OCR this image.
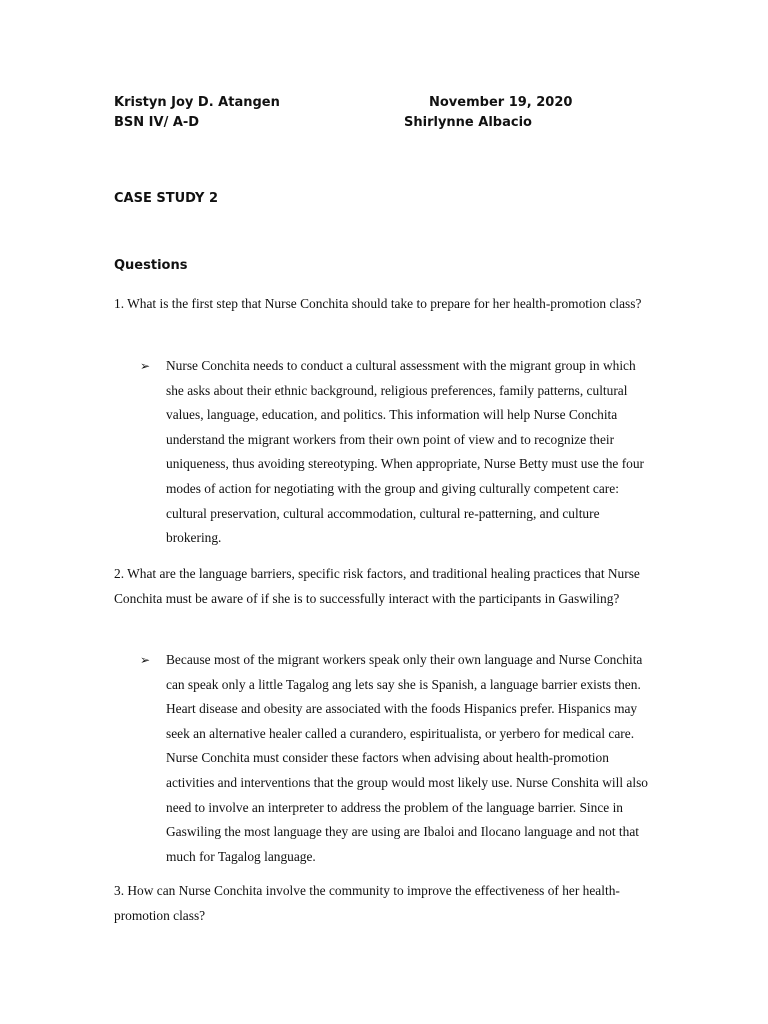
Kristyn Joy D. Atangen	November 19, 2020
BSN IV/ A-D	Shirlynne Albacio
CASE STUDY 2
Questions

1. What is the first step that Nurse Conchita should take to prepare for her health-promotion class?

➢ Nurse Conchita needs to conduct a cultural assessment with the migrant group in which she asks about their ethnic background, religious preferences, family patterns, cultural values, language, education, and politics. This information will help Nurse Conchita understand the migrant workers from their own point of view and to recognize their uniqueness, thus avoiding stereotyping. When appropriate, Nurse Betty must use the four modes of action for negotiating with the group and giving culturally competent care: cultural preservation, cultural accommodation, cultural re-patterning, and culture brokering.

2. What are the language barriers, specific risk factors, and traditional healing practices that Nurse Conchita must be aware of if she is to successfully interact with the participants in Gaswiling?

➢ Because most of the migrant workers speak only their own language and Nurse Conchita can speak only a little Tagalog ang lets say she is Spanish, a language barrier exists then. Heart disease and obesity are associated with the foods Hispanics prefer. Hispanics may seek an alternative healer called a curandero, espiritualista, or yerbero for medical care. Nurse Conchita must consider these factors when advising about health-promotion activities and interventions that the group would most likely use. Nurse Conshita will also need to involve an interpreter to address the problem of the language barrier. Since in Gaswiling the most language they are using are Ibaloi and Ilocano language and not that much for Tagalog language.

3. How can Nurse Conchita involve the community to improve the effectiveness of her health-promotion class?
